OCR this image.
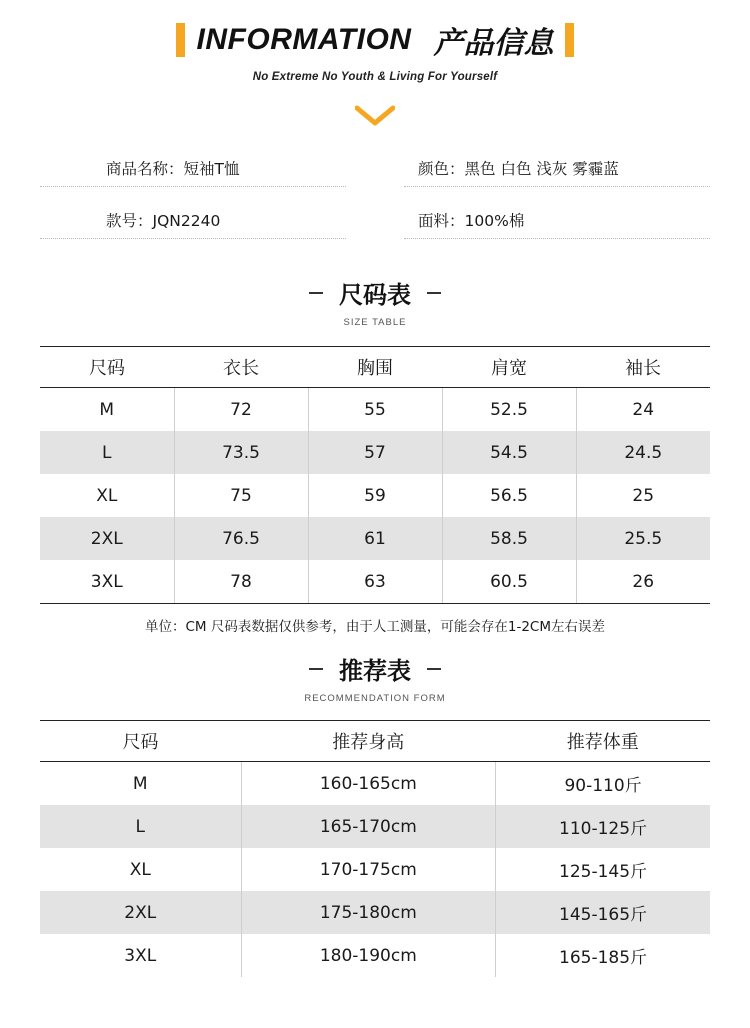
INFORMATION 产品信息
No Extreme No Youth & Living For Yourself
商品名称：短袖T恤	颜色：黑色 白色 浅灰 雾霾蓝
款号：JQN2240	面料：100%棉
尺码表
SIZE TABLE
尺码	衣长	胸围	肩宽	袖长
M	72	55	52.5	24
L	73.5	57	54.5	24.5
XL	75	59	56.5	25
2XL	76.5	61	58.5	25.5
3XL	78	63	60.5	26
单位：CM 尺码表数据仅供参考，由于人工测量，可能会存在1-2CM左右误差
推荐表
RECOMMENDATION FORM
尺码	推荐身高	推荐体重
M	160-165cm	90-110斤
L	165-170cm	110-125斤
XL	170-175cm	125-145斤
2XL	175-180cm	145-165斤
3XL	180-190cm	165-185斤
